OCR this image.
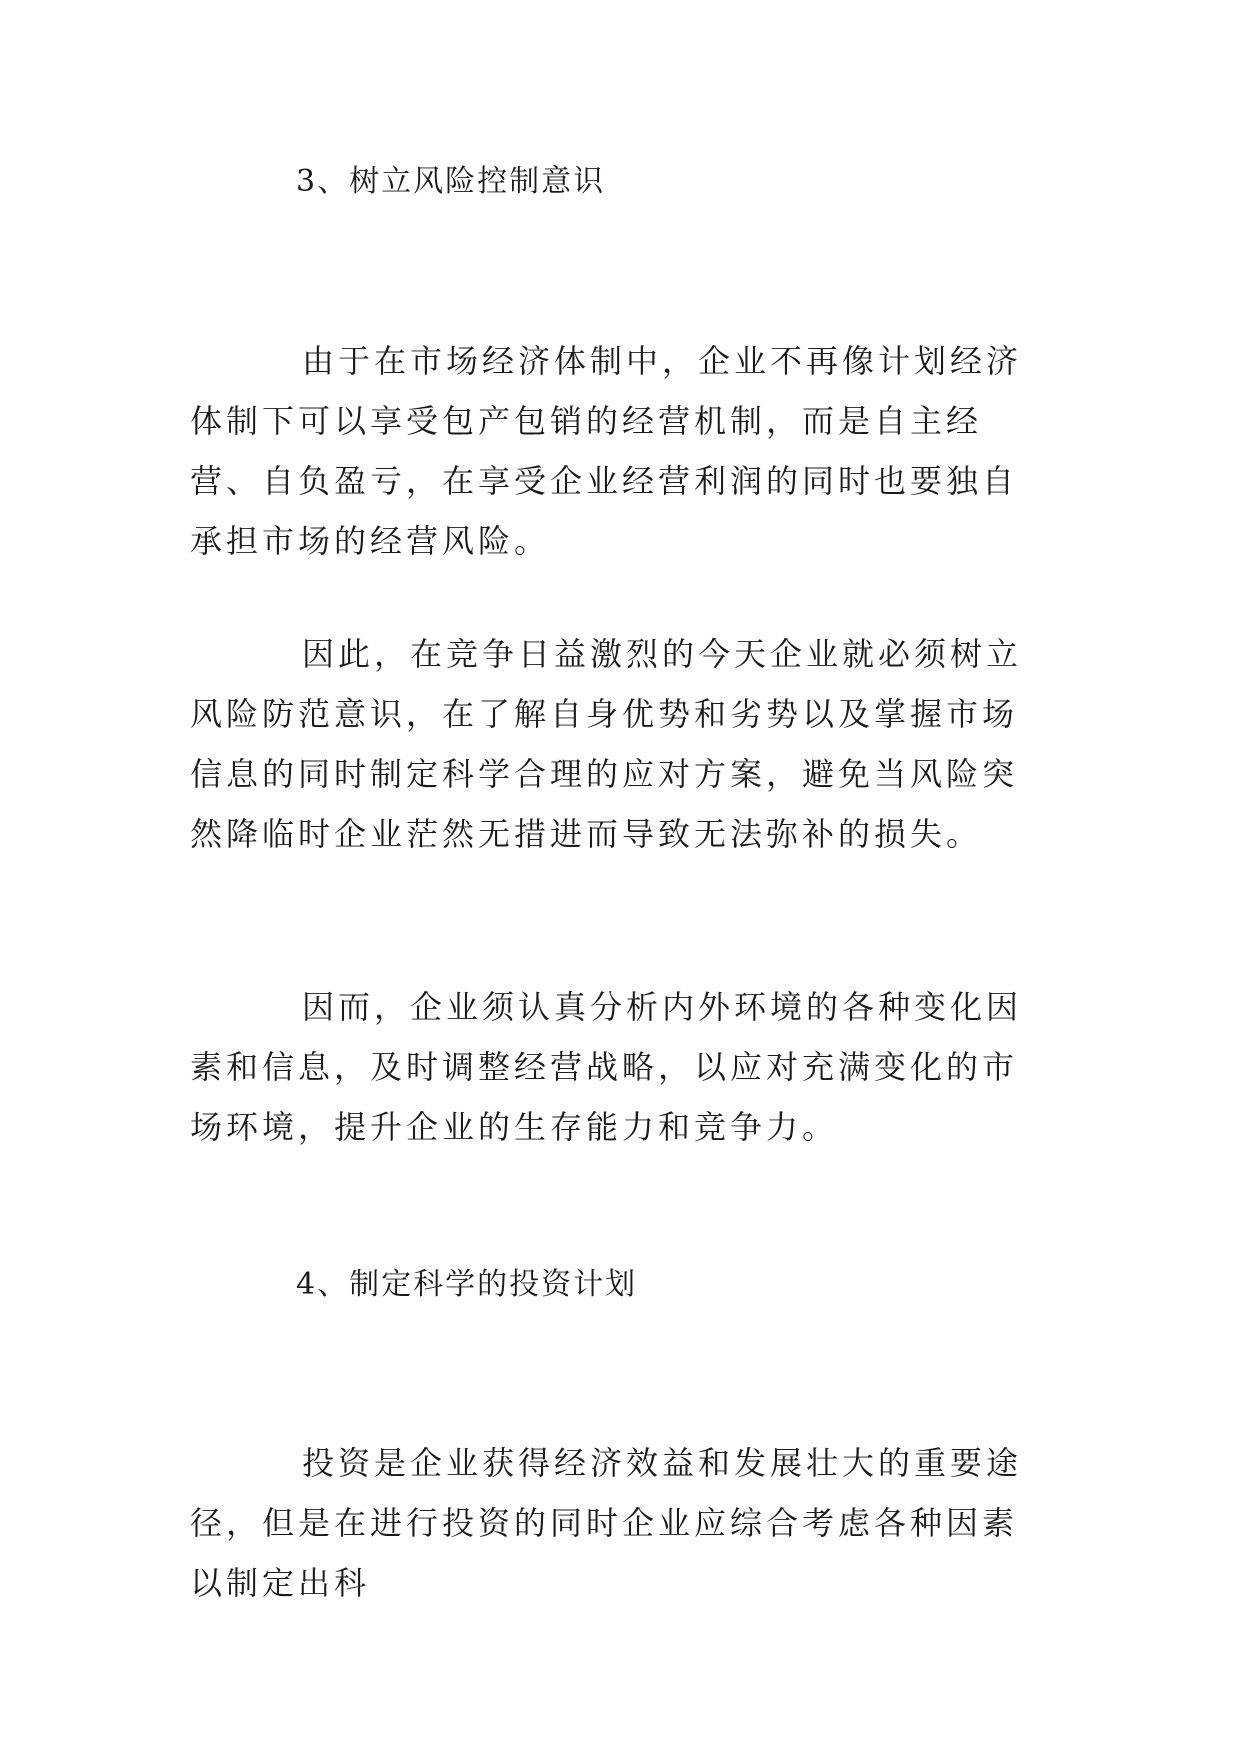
3、树立风险控制意识

由于在市场经济体制中，企业不再像计划经济体制下可以享受包产包销的经营机制，而是自主经营、自负盈亏，在享受企业经营利润的同时也要独自承担市场的经营风险。

因此，在竞争日益激烈的今天企业就必须树立风险防范意识，在了解自身优势和劣势以及掌握市场信息的同时制定科学合理的应对方案，避免当风险突然降临时企业茫然无措进而导致无法弥补的损失。

因而，企业须认真分析内外环境的各种变化因素和信息，及时调整经营战略，以应对充满变化的市场环境，提升企业的生存能力和竞争力。

4、制定科学的投资计划

投资是企业获得经济效益和发展壮大的重要途径，但是在进行投资的同时企业应综合考虑各种因素以制定出科
